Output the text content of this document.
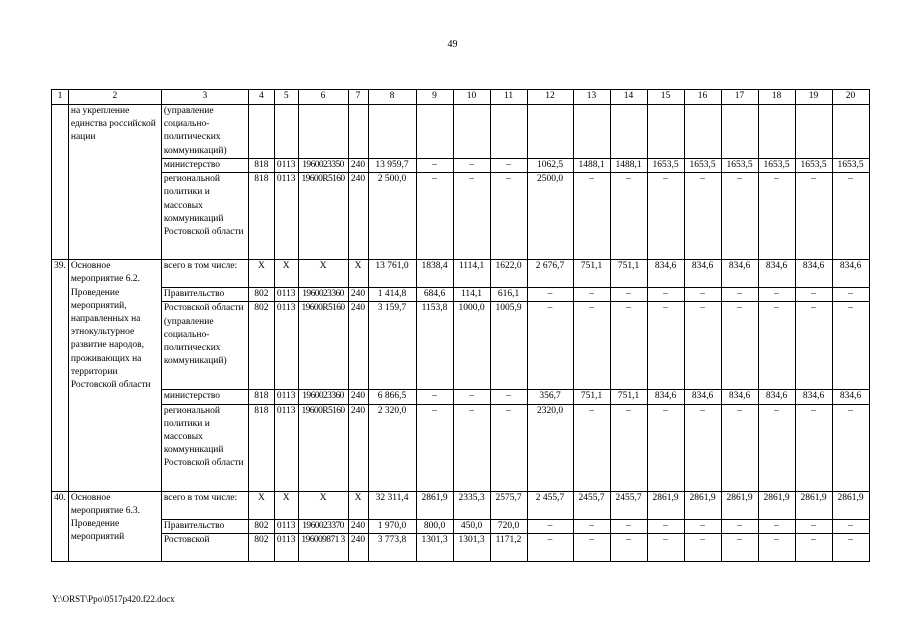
49
1	2	3	4	5	6	7	8	9	10	11	12	13	14	15	16	17	18	19	20
	на укрепление единства российской нации	(управление социально-политических коммуникаций)																	
		министерство	818	0113	1960023350	240	13 959,7	–	–	–	1062,5	1488,1	1488,1	1653,5	1653,5	1653,5	1653,5	1653,5	1653,5
		региональной политики и массовых коммуникаций Ростовской области	818	0113	19600R5160	240	2 500,0	–	–	–	2500,0	–	–	–	–	–	–	–	–
39.	Основное мероприятие 6.2. Проведение мероприятий, направленных на этнокультурное развитие народов, проживающих на территории Ростовской области	всего в том числе:	X	X	X	X	13 761,0	1838,4	1114,1	1622,0	2 676,7	751,1	751,1	834,6	834,6	834,6	834,6	834,6	834,6
		Правительство	802	0113	1960023360	240	1 414,8	684,6	114,1	616,1	–	–	–	–	–	–	–	–	–
		Ростовской области (управление социально-политических коммуникаций)	802	0113	19600R5160	240	3 159,7	1153,8	1000,0	1005,9	–	–	–	–	–	–	–	–	–
		министерство	818	0113	1960023360	240	6 866,5	–	–	–	356,7	751,1	751,1	834,6	834,6	834,6	834,6	834,6	834,6
		региональной политики и массовых коммуникаций Ростовской области	818	0113	19600R5160	240	2 320,0	–	–	–	2320,0	–	–	–	–	–	–	–	–
40.	Основное мероприятие 6.3. Проведение мероприятий	всего в том числе:	X	X	X	X	32 311,4	2861,9	2335,3	2575,7	2 455,7	2455,7	2455,7	2861,9	2861,9	2861,9	2861,9	2861,9	2861,9
		Правительство	802	0113	1960023370	240	1 970,0	800,0	450,0	720,0	–	–	–	–	–	–	–	–	–
		Ростовской	802	0113	196009871 3	240	3 773,8	1301,3	1301,3	1171,2	–	–	–	–	–	–	–	–	–
Y:\ORST\Ppo\0517p420.f22.docx
